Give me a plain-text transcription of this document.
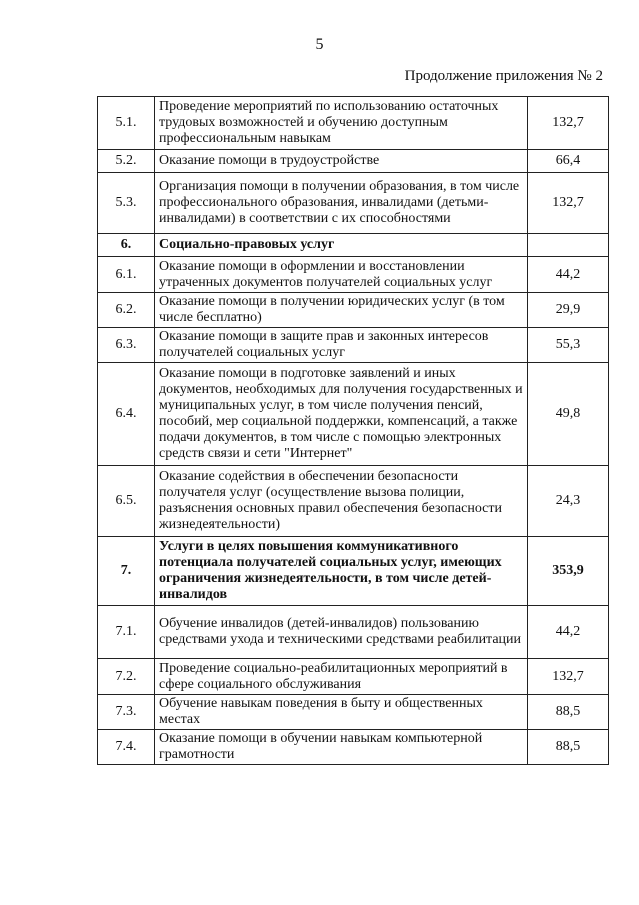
5
Продолжение приложения № 2
5.1.	Проведение мероприятий по использованию остаточных трудовых возможностей и обучению доступным профессиональным навыкам	132,7
5.2.	Оказание помощи в трудоустройстве	66,4
5.3.	Организация помощи в получении образования, в том числе профессионального образования, инвалидами (детьми-инвалидами) в соответствии с их способностями	132,7
6.	Социально-правовых услуг	
6.1.	Оказание помощи в оформлении и восстановлении утраченных документов получателей социальных услуг	44,2
6.2.	Оказание помощи в получении юридических услуг (в том числе бесплатно)	29,9
6.3.	Оказание помощи в защите прав и законных интересов получателей социальных услуг	55,3
6.4.	Оказание помощи в подготовке заявлений и иных документов, необходимых для получения государственных и муниципальных услуг, в том числе получения пенсий, пособий, мер социальной поддержки, компенсаций, а также подачи документов, в том числе с помощью электронных средств связи и сети "Интернет"	49,8
6.5.	Оказание содействия в обеспечении безопасности получателя услуг (осуществление вызова полиции, разъяснения основных правил обеспечения безопасности жизнедеятельности)	24,3
7.	Услуги в целях повышения коммуникативного потенциала получателей социальных услуг, имеющих ограничения жизнедеятельности, в том числе детей-инвалидов	353,9
7.1.	Обучение инвалидов (детей-инвалидов) пользованию средствами ухода и техническими средствами реабилитации	44,2
7.2.	Проведение социально-реабилитационных мероприятий в сфере социального обслуживания	132,7
7.3.	Обучение навыкам поведения в быту и общественных местах	88,5
7.4.	Оказание помощи в обучении навыкам компьютерной грамотности	88,5
